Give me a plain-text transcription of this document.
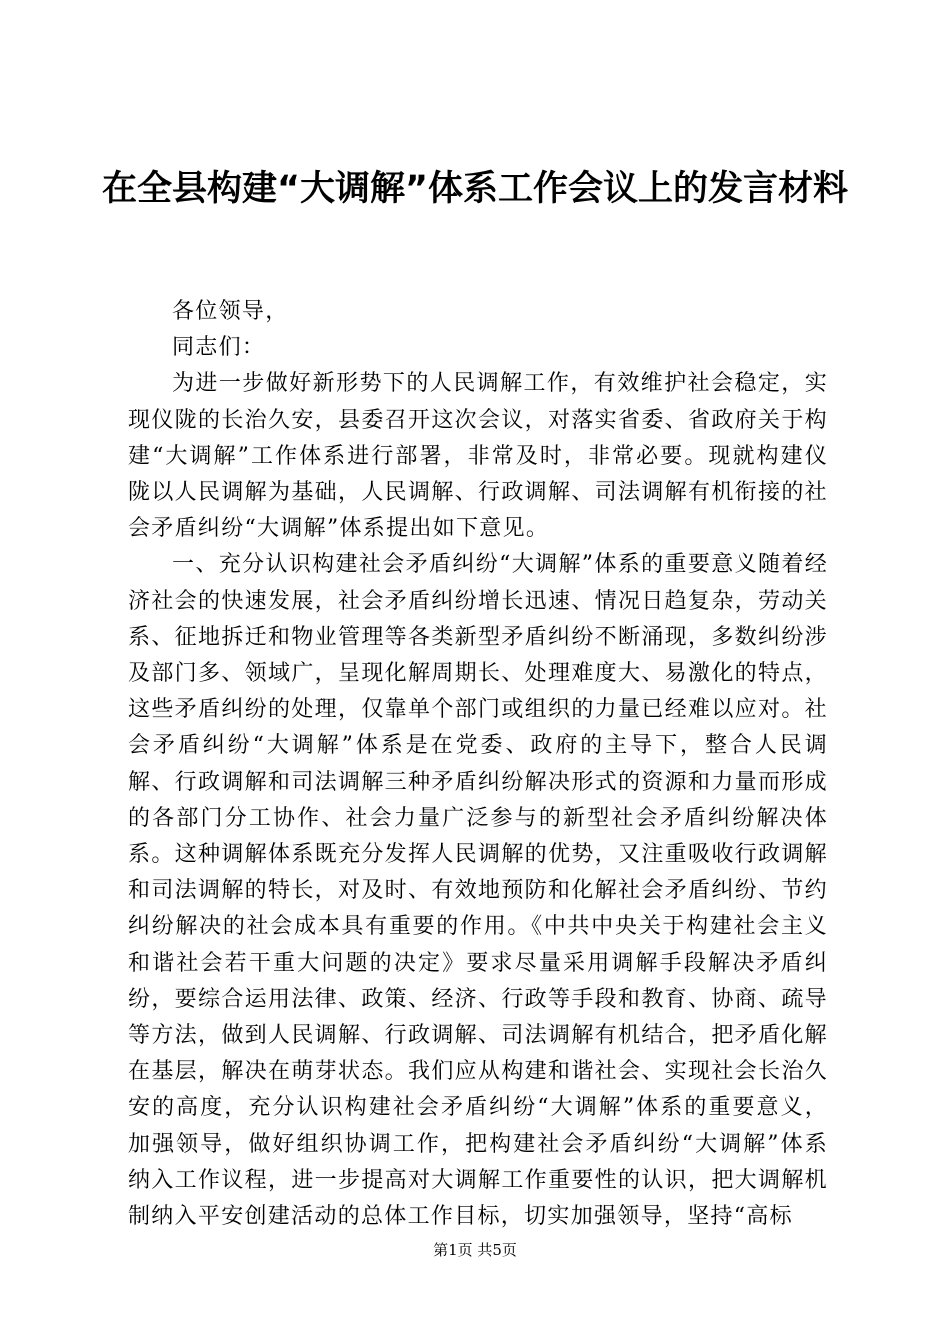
在全县构建“大调解”体系工作会议上的发言材料

各位领导，

同志们：

为进一步做好新形势下的人民调解工作，有效维护社会稳定，实现仪陇的长治久安，县委召开这次会议，对落实省委、省政府关于构建“大调解”工作体系进行部署，非常及时，非常必要。现就构建仪陇以人民调解为基础，人民调解、行政调解、司法调解有机衔接的社会矛盾纠纷“大调解”体系提出如下意见。

一、充分认识构建社会矛盾纠纷“大调解”体系的重要意义随着经济社会的快速发展，社会矛盾纠纷增长迅速、情况日趋复杂，劳动关系、征地拆迁和物业管理等各类新型矛盾纠纷不断涌现，多数纠纷涉及部门多、领域广，呈现化解周期长、处理难度大、易激化的特点，这些矛盾纠纷的处理，仅靠单个部门或组织的力量已经难以应对。社会矛盾纠纷“大调解”体系是在党委、政府的主导下，整合人民调解、行政调解和司法调解三种矛盾纠纷解决形式的资源和力量而形成的各部门分工协作、社会力量广泛参与的新型社会矛盾纠纷解决体系。这种调解体系既充分发挥人民调解的优势，又注重吸收行政调解和司法调解的特长，对及时、有效地预防和化解社会矛盾纠纷、节约纠纷解决的社会成本具有重要的作用。《中共中央关于构建社会主义和谐社会若干重大问题的决定》要求尽量采用调解手段解决矛盾纠纷，要综合运用法律、政策、经济、行政等手段和教育、协商、疏导等方法，做到人民调解、行政调解、司法调解有机结合，把矛盾化解在基层，解决在萌芽状态。我们应从构建和谐社会、实现社会长治久安的高度，充分认识构建社会矛盾纠纷“大调解”体系的重要意义，加强领导，做好组织协调工作，把构建社会矛盾纠纷“大调解”体系纳入工作议程，进一步提高对大调解工作重要性的认识，把大调解机制纳入平安创建活动的总体工作目标，切实加强领导，坚持“高标

第1页 共5页
